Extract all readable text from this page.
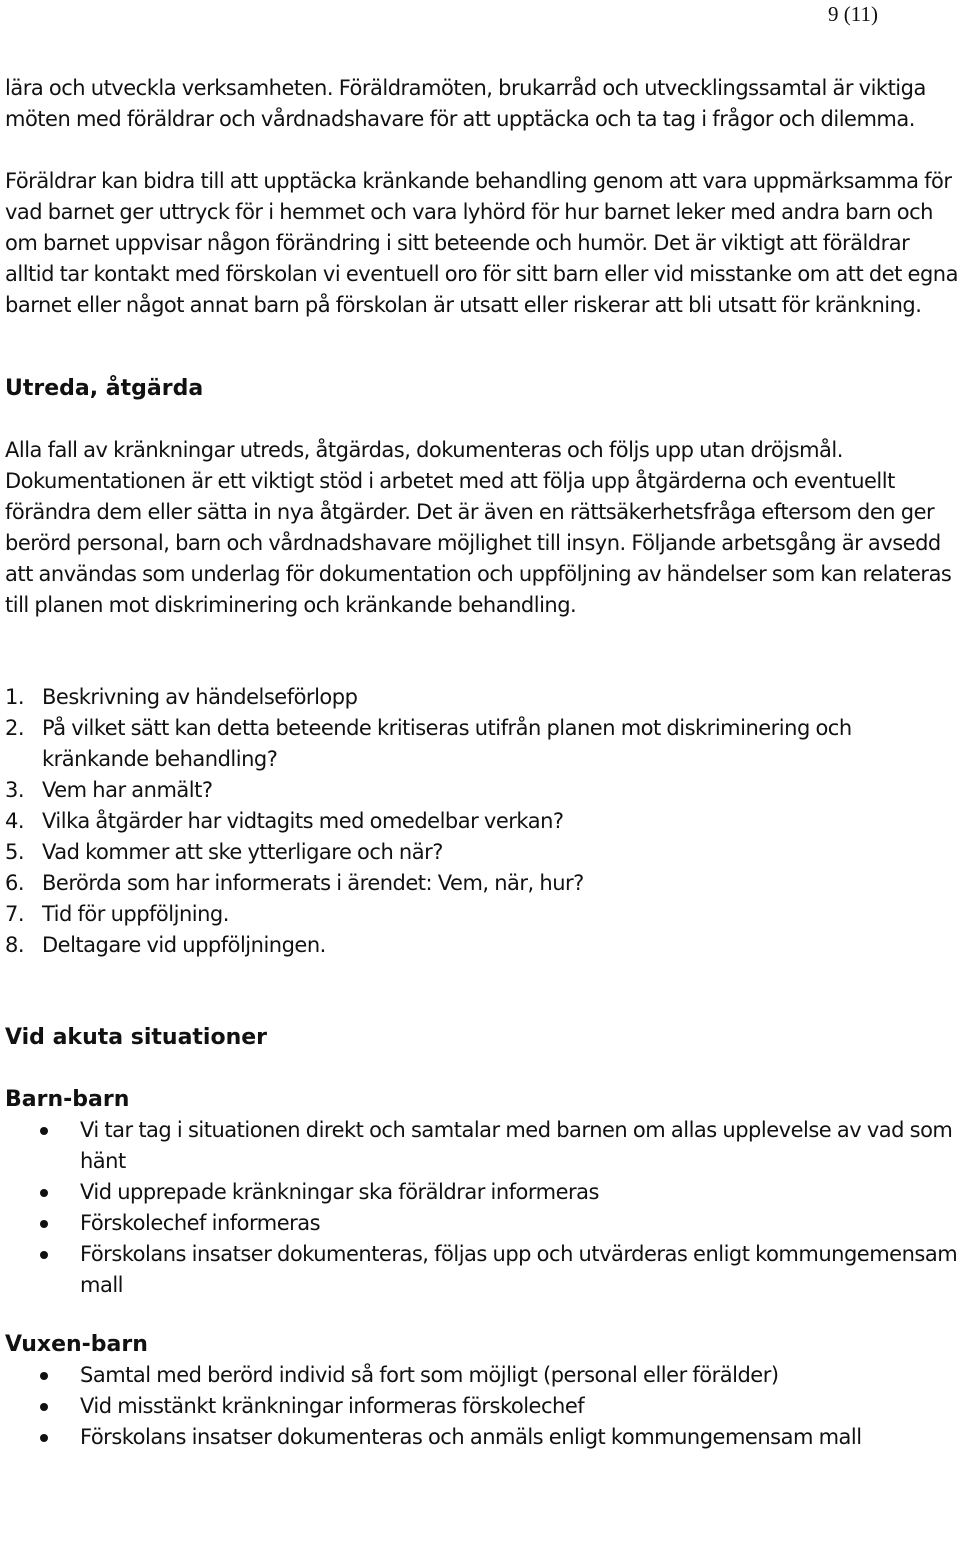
9 (11)

lära och utveckla verksamheten. Föräldramöten, brukarråd och utvecklingssamtal är viktiga möten med föräldrar och vårdnadshavare för att upptäcka och ta tag i frågor och dilemma.

Föräldrar kan bidra till att upptäcka kränkande behandling genom att vara uppmärksamma för vad barnet ger uttryck för i hemmet och vara lyhörd för hur barnet leker med andra barn och om barnet uppvisar någon förändring i sitt beteende och humör. Det är viktigt att föräldrar alltid tar kontakt med förskolan vi eventuell oro för sitt barn eller vid misstanke om att det egna barnet eller något annat barn på förskolan är utsatt eller riskerar att bli utsatt för kränkning.

Utreda, åtgärda

Alla fall av kränkningar utreds, åtgärdas, dokumenteras och följs upp utan dröjsmål. Dokumentationen är ett viktigt stöd i arbetet med att följa upp åtgärderna och eventuellt förändra dem eller sätta in nya åtgärder. Det är även en rättsäkerhetsfråga eftersom den ger berörd personal, barn och vårdnadshavare möjlighet till insyn. Följande arbetsgång är avsedd att användas som underlag för dokumentation och uppföljning av händelser som kan relateras till planen mot diskriminering och kränkande behandling.

1. Beskrivning av händelseförlopp
2. På vilket sätt kan detta beteende kritiseras utifrån planen mot diskriminering och kränkande behandling?
3. Vem har anmält?
4. Vilka åtgärder har vidtagits med omedelbar verkan?
5. Vad kommer att ske ytterligare och när?
6. Berörda som har informerats i ärendet: Vem, när, hur?
7. Tid för uppföljning.
8. Deltagare vid uppföljningen.
Vid akuta situationer
Barn-barn
Vi tar tag i situationen direkt och samtalar med barnen om allas upplevelse av vad som hänt
Vid upprepade kränkningar ska föräldrar informeras
Förskolechef informeras
Förskolans insatser dokumenteras, följas upp och utvärderas enligt kommungemensam mall
Vuxen-barn
Samtal med berörd individ så fort som möjligt (personal eller förälder)
Vid misstänkt kränkningar informeras förskolechef
Förskolans insatser dokumenteras och anmäls enligt kommungemensam mall
